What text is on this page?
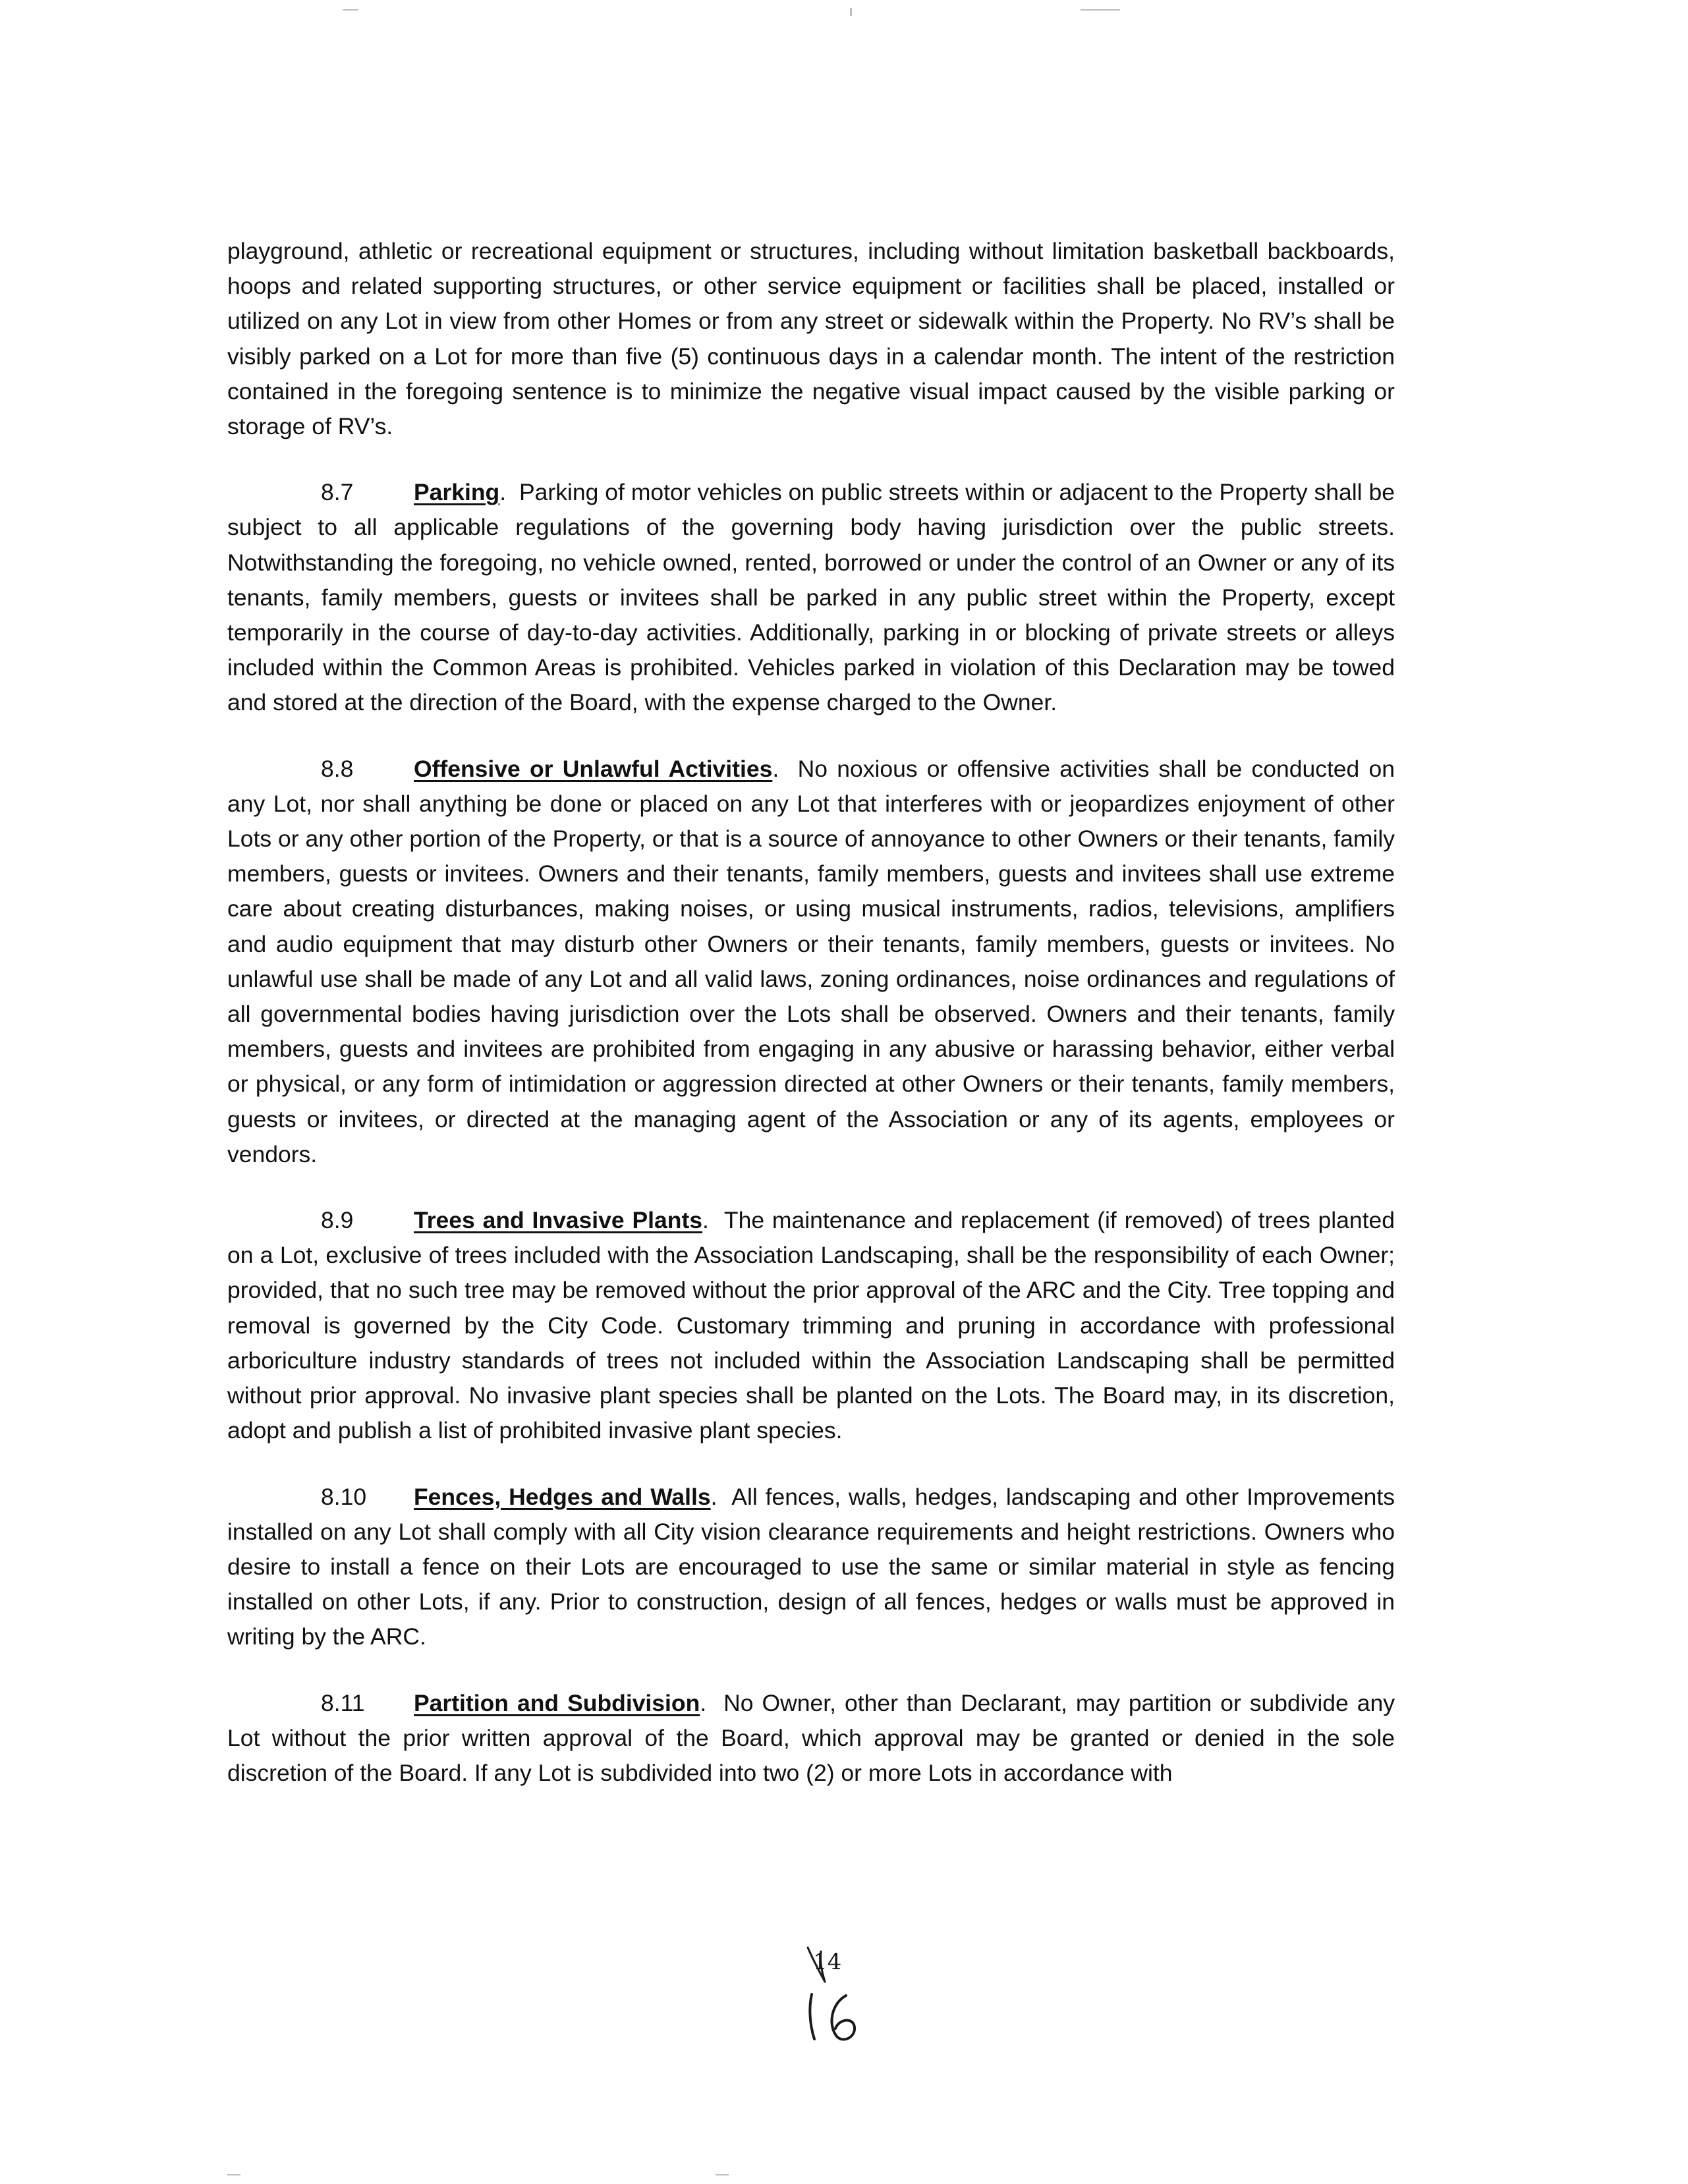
playground, athletic or recreational equipment or structures, including without limitation basketball backboards, hoops and related supporting structures, or other service equipment or facilities shall be placed, installed or utilized on any Lot in view from other Homes or from any street or sidewalk within the Property. No RV’s shall be visibly parked on a Lot for more than five (5) continuous days in a calendar month. The intent of the restriction contained in the foregoing sentence is to minimize the negative visual impact caused by the visible parking or storage of RV’s.

8.7	Parking. Parking of motor vehicles on public streets within or adjacent to the Property shall be subject to all applicable regulations of the governing body having jurisdiction over the public streets. Notwithstanding the foregoing, no vehicle owned, rented, borrowed or under the control of an Owner or any of its tenants, family members, guests or invitees shall be parked in any public street within the Property, except temporarily in the course of day-to-day activities. Additionally, parking in or blocking of private streets or alleys included within the Common Areas is prohibited. Vehicles parked in violation of this Declaration may be towed and stored at the direction of the Board, with the expense charged to the Owner.

8.8	Offensive or Unlawful Activities. No noxious or offensive activities shall be conducted on any Lot, nor shall anything be done or placed on any Lot that interferes with or jeopardizes enjoyment of other Lots or any other portion of the Property, or that is a source of annoyance to other Owners or their tenants, family members, guests or invitees. Owners and their tenants, family members, guests and invitees shall use extreme care about creating disturbances, making noises, or using musical instruments, radios, televisions, amplifiers and audio equipment that may disturb other Owners or their tenants, family members, guests or invitees. No unlawful use shall be made of any Lot and all valid laws, zoning ordinances, noise ordinances and regulations of all governmental bodies having jurisdiction over the Lots shall be observed. Owners and their tenants, family members, guests and invitees are prohibited from engaging in any abusive or harassing behavior, either verbal or physical, or any form of intimidation or aggression directed at other Owners or their tenants, family members, guests or invitees, or directed at the managing agent of the Association or any of its agents, employees or vendors.

8.9	Trees and Invasive Plants. The maintenance and replacement (if removed) of trees planted on a Lot, exclusive of trees included with the Association Landscaping, shall be the responsibility of each Owner; provided, that no such tree may be removed without the prior approval of the ARC and the City. Tree topping and removal is governed by the City Code. Customary trimming and pruning in accordance with professional arboriculture industry standards of trees not included within the Association Landscaping shall be permitted without prior approval. No invasive plant species shall be planted on the Lots. The Board may, in its discretion, adopt and publish a list of prohibited invasive plant species.

8.10 Fences, Hedges and Walls. All fences, walls, hedges, landscaping and other Improvements installed on any Lot shall comply with all City vision clearance requirements and height restrictions. Owners who desire to install a fence on their Lots are encouraged to use the same or similar material in style as fencing installed on other Lots, if any. Prior to construction, design of all fences, hedges or walls must be approved in writing by the ARC.

8.11 Partition and Subdivision. No Owner, other than Declarant, may partition or subdivide any Lot without the prior written approval of the Board, which approval may be granted or denied in the sole discretion of the Board. If any Lot is subdivided into two (2) or more Lots in accordance with

14
